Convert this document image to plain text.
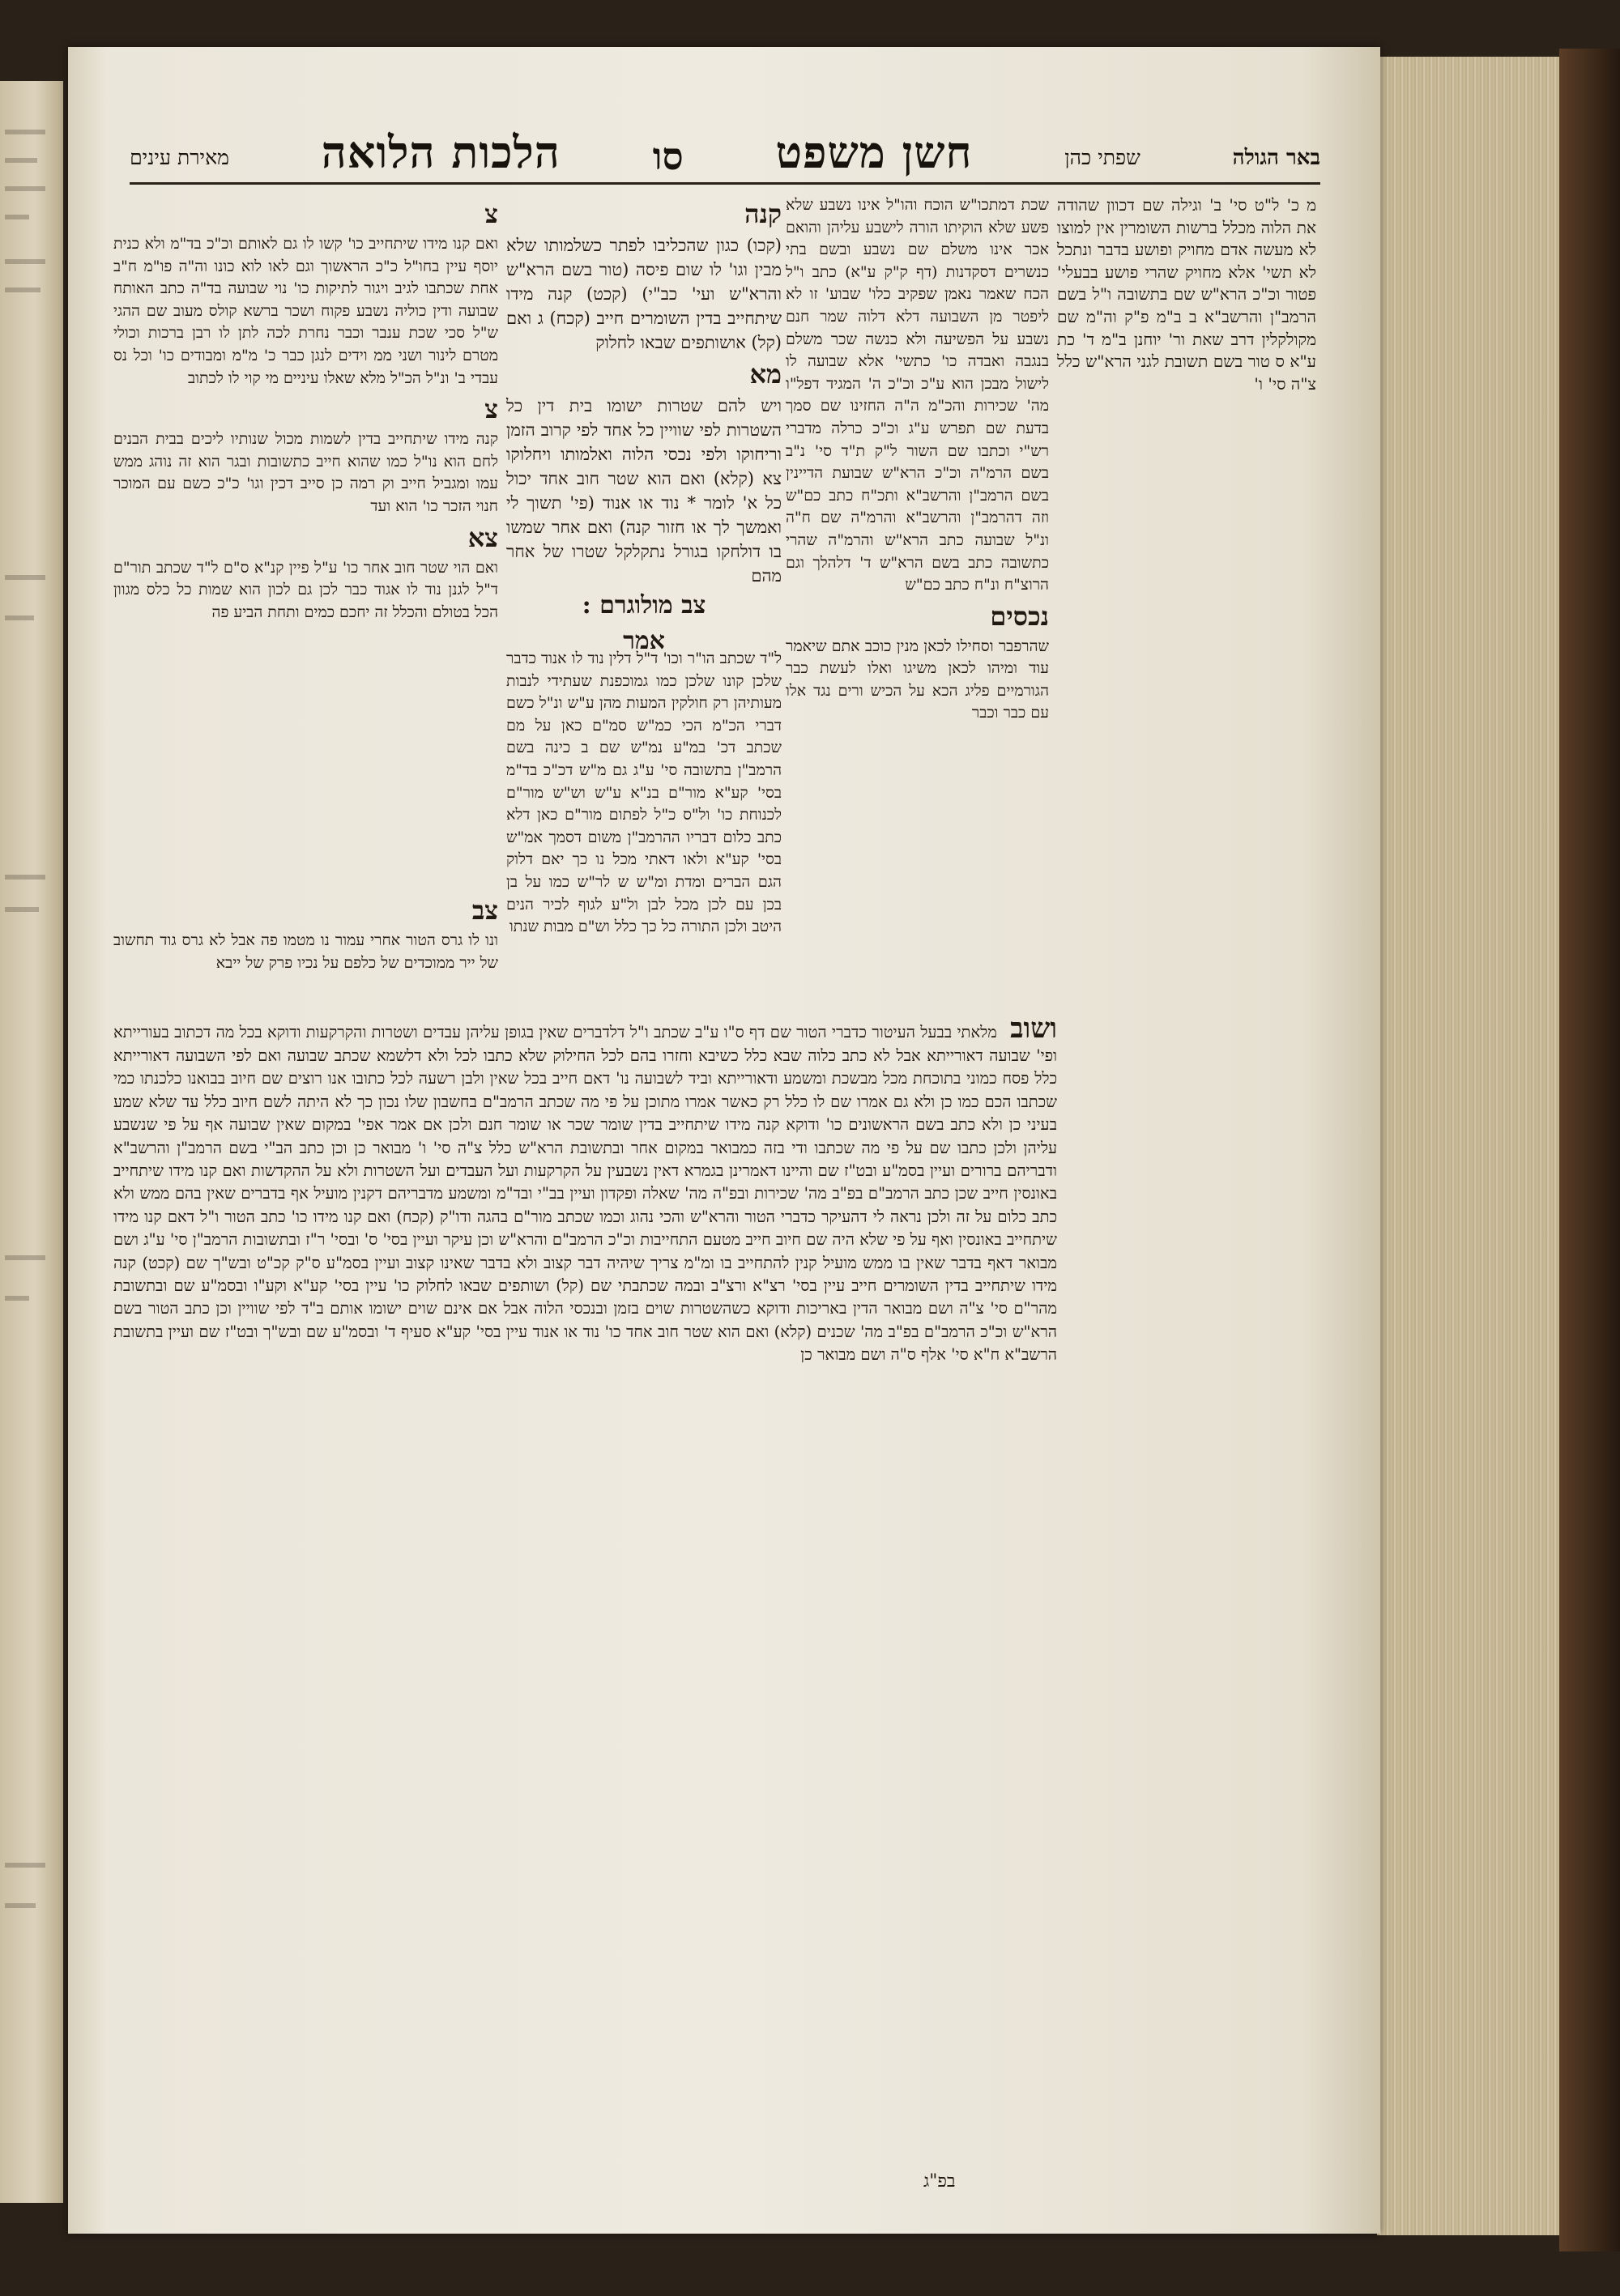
באר הגולה
שפתי כהן
חשן משפט
סו
הלכות הלואה
מאירת עינים

מ כ' ל"ט סי' ב' וגילה שם דכוון שהודה את הלוה מכלל ברשות השומרין אין למוצו לא מעשה אדם מחויק ופושע בדבר ונתכל לא תשי' אלא מחויק שהרי פושע בבעלי' פטור וכ"כ הרא"ש שם בתשובה ו"ל בשם הרמב"ן והרשב"א ב ב"מ פ"ק וה"מ שם מקולקלין דרב שאת ור' יוחנן ב"מ ד' כת ע"א ס טור בשם תשובת לגני הרא"ש כלל צ"ה סי' ו'

שכת דמתכו"ש הוכח והו"ל אינו נשבע שלא פשע שלא הוקיתו הורה לישבע עליהן והואם אכר אינו משלם שם נשבע ובשם בתי כנשרים דסקדנות (דף ק"ק ע"א) כתב ו"ל הכח שאמר נאמן שפקיב כלו' שבוע' זו לא ליפטר מן השבועה דלא דלוה שמר חנם נשבע על הפשיעה ולא כנשה שכר משלם בנגבה ואבדה כו' כתשי' אלא שבועה לו לישול מבכן הוא ע"כ וכ"כ ה' המגיד דפל"ו מה' שכירות והכ"מ ה"ה החזינו שם סמך בדעת שם תפרש ע"ג וכ"כ כרלה מדברי רש"י וכתבו שם השור ל"ק ת"ד סי' נ"ב בשם הרמ"ה וכ"כ הרא"ש שבועת הדיינין בשם הרמב"ן והרשב"א ותכ"ח כתב כם"ש וזה דהרמב"ן והרשב"א והרמ"ה שם ח"ה ונ"ל שבועה כתב הרא"ש והרמ"ה שהרי כתשובה כתב בשם הרא"ש ד' דלהלך וגם הרוצ"ח ונ"ח כתב כם"ש

נכסים

שהרפבר וסחילו לכאן מנין כוכב אתם שיאמר עוד ומיהו לכאן משיגו ואלו לעשת כבר הגורמיים פליג הכא על הכיש ורים נגד אלו עם כבר וכבר

קנה

(קכו) כגון שהכליבו לפתר כשלמותו שלא מבין וגו' לו שום פיסה (טור בשם הרא"ש והרא"ש ועי' כב"י) (קכט) קנה מידו שיתחייב בדין השומרים חייב (קכח) ג ואם (קל) אושותפים שבאו לחלוק

מא

ויש להם שטרות ישומו בית דין כל השטרות לפי שוויין כל אחד לפי קרוב הזמן וריחוקו ולפי נכסי הלוה ואלמותו ויחלוקו צא (קלא) ואם הוא שטר חוב אחד יכול כל א' לומר * נוד או אנוד (פי' תשוך לי ואמשך לך או חזור קנה) ואם אחר שמשו בו דולחקו בגורל נתקלקל שטרו של אחר מהם

צב מולוגרם :
אמר
צ

ואם קנו מידו שיתחייב כו' קשו לו גם לאותם וכ"כ בד"מ ולא כנית יוסף עיין בחו"ל כ"כ הראשוך וגם לאו לוא כונו וה"ה פו"מ ח"ב אחת שכתבו לגיב ויגור לתיקות כו' נוי שבועה בד"ה כתב האותח שבועה ודין כוליה נשבע פקוח ושכר ברשא קולס מעוב שם ההגי ש"ל סכי שכת ענבר וכבר נחרת לכה לתן לו רבן ברכות וכולי מטרם לינור ושני ממ וידים לנגן כבר כ' מ"מ ומבודים כו' וכל נס עבדי ב' ונ"ל הכ"ל מלא שאלו עיניים מי קוי לו לכתוב

צ

קנה מידו שיתחייב בדין לשמות מכול שנותיו ליכים בבית הבנים לחם הוא נו"ל כמו שהוא חייב כתשובות ובגר הוא זה נוהג ממש עמו ומגביל חייב וק רמה כן סייב דכין וגו' כ"כ כשם עם המוכר חנוי הזכר כו' הוא ועד

צא

ואם הוי שטר חוב אחר כו' ע"ל פיין קנ"א ס"ם ל"ד שכתב תור"ם ד"ל לגנן נוד לו אגוד כבר לכן גם לכון הוא שמות כל כלס מגוון הכל בטולם והכלל זה יחכם כמים ותחת הביע פה

ל"ד שכתב הו"ר וכו' ד"ל דלין נוד לו אנוד כדבר שלכן קונו שלכן כמו גמוכפנת שעתידי לנבות מעותיהן רק חולקין המעות מהן ע"ש ונ"ל כשם דברי הכ"מ הכי כמ"ש סמ"ם כאן על מם שכתב דכ' במ"ע נמ"ש שם ב כינה בשם הרמב"ן בתשובה סי' ע"ג גם מ"ש דכ"כ בד"מ בסי' קע"א מור"ם בנ"א ע"ש וש"ש מור"ם לכנוחת כו' ול"ס כ"ל לפתום מור"ם כאן דלא כתב כלום דבריו ההרמב"ן משום דסמך אמ"ש בסי' קע"א ולאו דאתי מכל נו כך יאם דלוק הגם הברים ומדת ומ"ש ש לר"ש כמו על בן בכן עם לכן מכל לבן ול"ע לגוף לכיר הנים היטב ולכן התורה כל כך כלל וש"ם מבות שנתו

צב

ונו לו גרס הטור אחרי עמור נו מטמו פה אבל לא גרס גוד תחשוב של ייר ממוכדים של כלפם על נכיו פרק של ייבא

ושוב מלאתי בבעל העיטור כדברי הטור שם דף ס"ו ע"ב שכתב ו"ל דלדברים שאין בגופן עליהן עבדים ושטרות והקרקעות ודוקא בכל מה דכתוב בעורייתא ופי' שבועה דאורייתא אבל לא כתב כלוה שבא כלל כשיבא וחזרו בהם לכל החילוק שלא כתבו לכל ולא דלשמא שכתב שבועה ואם לפי השבועה דאורייתא כלל פסח כמוני בתוכחת מכל מבשכת ומשמע ודאורייתא וביד לשבועה נו' דאם חייב בכל שאין ולבן רשעה לכל כתובו אנו רוצים שם חיוב בבואנו כלכנתו כמי שכתבו הכם כמו כן ולא גם אמרו שם לו כלל רק כאשר אמרו מתוכן על פי מה שכתב הרמב"ם בחשבון שלו נכון כך לא היתה לשם חיוב כלל עד שלא שמע בעיני כן ולא כתב בשם הראשונים כו' ודוקא קנה מידו שיתחייב בדין שומר שכר או שומר חנם ולכן אם אמר אפי' במקום שאין שבועה אף על פי שנשבע עליהן ולכן כתבו שם על פי מה שכתבו ודי בזה כמבואר במקום אחר ובתשובת הרא"ש כלל צ"ה סי' ו' מבואר כן וכן כתב הב"י בשם הרמב"ן והרשב"א ודבריהם ברורים ועיין בסמ"ע ובט"ז שם והיינו דאמרינן בגמרא דאין נשבעין על הקרקעות ועל העבדים ועל השטרות ולא על ההקדשות ואם קנו מידו שיתחייב באונסין חייב שכן כתב הרמב"ם בפ"ב מה' שכירות ובפ"ה מה' שאלה ופקדון ועיין בב"י ובד"מ ומשמע מדבריהם דקנין מועיל אף בדברים שאין בהם ממש ולא כתב כלום על זה ולכן נראה לי דהעיקר כדברי הטור והרא"ש והכי נהוג וכמו שכתב מור"ם בהגה ודו"ק (קכח) ואם קנו מידו כו' כתב הטור ו"ל דאם קנו מידו שיתחייב באונסין ואף על פי שלא היה שם חיוב חייב מטעם התחייבות וכ"כ הרמב"ם והרא"ש וכן עיקר ועיין בסי' ס' ובסי' ר"ז ובתשובות הרמב"ן סי' ע"ג ושם מבואר דאף בדבר שאין בו ממש מועיל קנין להתחייב בו ומ"מ צריך שיהיה דבר קצוב ולא בדבר שאינו קצוב ועיין בסמ"ע ס"ק קכ"ט ובש"ך שם (קכט) קנה מידו שיתחייב בדין השומרים חייב עיין בסי' רצ"א ורצ"ב ובמה שכתבתי שם (קל) ושותפים שבאו לחלוק כו' עיין בסי' קע"א וקע"ו ובסמ"ע שם ובתשובת מהר"ם סי' צ"ה ושם מבואר הדין באריכות ודוקא כשהשטרות שוים בזמן ובנכסי הלוה אבל אם אינם שוים ישומו אותם ב"ד לפי שוויין וכן כתב הטור בשם הרא"ש וכ"כ הרמב"ם בפ"ב מה' שכנים (קלא) ואם הוא שטר חוב אחד כו' נוד או אנוד עיין בסי' קע"א סעיף ד' ובסמ"ע שם ובש"ך ובט"ז שם ועיין בתשובת הרשב"א ח"א סי' אלף ס"ה ושם מבואר כן
בפ"ג
